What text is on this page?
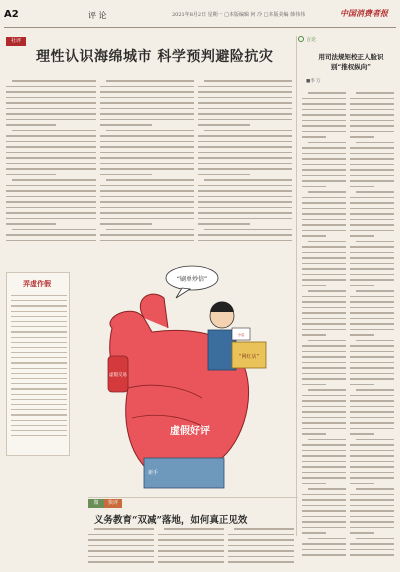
A2	评 论	2021年8月2日 星期一 □本版编辑 何 冷 □本版美编 韩伟伟	中国消费者报
社评
理性认识海绵城市 科学预判避险抗灾
言论
用司法规矩校正人脸识别“推权纵向”
■李 万
弄虚作假	“刷单炒信”
虚假好评
新手
虚假交易
“网红店”
小店
微	快评
义务教育“双减”落地，如何真正见效
